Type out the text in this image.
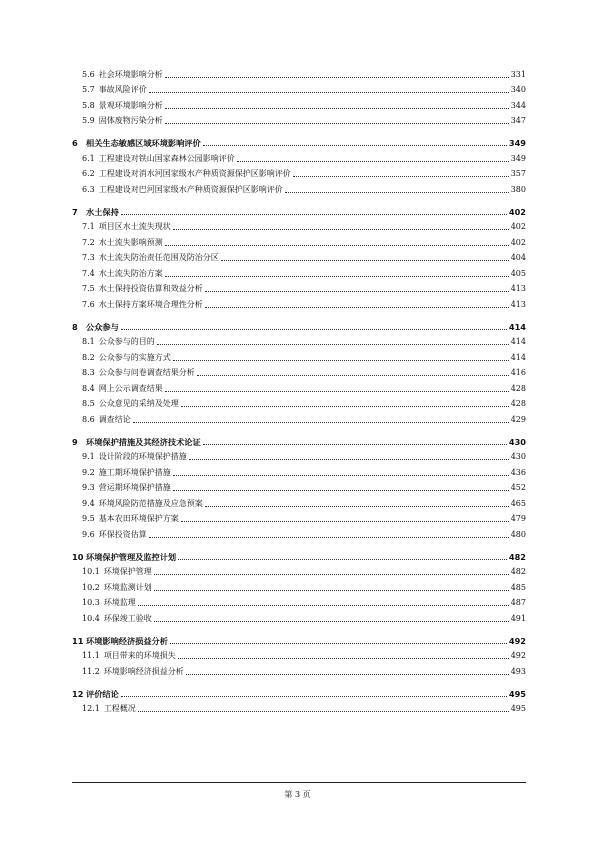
5.6 社会环境影响分析	331
5.7 事故风险评价	340
5.8 景观环境影响分析	344
5.9 固体废物污染分析	347
6 相关生态敏感区域环境影响评价	349
6.1 工程建设对铁山国家森林公园影响评价	349
6.2 工程建设对消水河国家级水产种质资源保护区影响评价	357
6.3 工程建设对巴河国家级水产种质资源保护区影响评价	380
7 水土保持	402
7.1 项目区水土流失现状	402
7.2 水土流失影响预测	402
7.3 水土流失防治责任范围及防治分区	404
7.4 水土流失防治方案	405
7.5 水土保持投资估算和效益分析	413
7.6 水土保持方案环境合理性分析	413
8 公众参与	414
8.1 公众参与的目的	414
8.2 公众参与的实施方式	414
8.3 公众参与问卷调查结果分析	416
8.4 网上公示调查结果	428
8.5 公众意见的采纳及处理	428
8.6 调查结论	429
9 环境保护措施及其经济技术论证	430
9.1 设计阶段的环境保护措施	430
9.2 施工期环境保护措施	436
9.3 营运期环境保护措施	452
9.4 环境风险防范措施及应急预案	465
9.5 基本农田环境保护方案	479
9.6 环保投资估算	480
10 环境保护管理及监控计划	482
10.1 环境保护管理	482
10.2 环境监测计划	485
10.3 环境监理	487
10.4 环保竣工验收	491
11 环境影响经济损益分析	492
11.1 项目带来的环境损失	492
11.2 环境影响经济损益分析	493
12 评价结论	495
12.1 工程概况	495
第 3 页
